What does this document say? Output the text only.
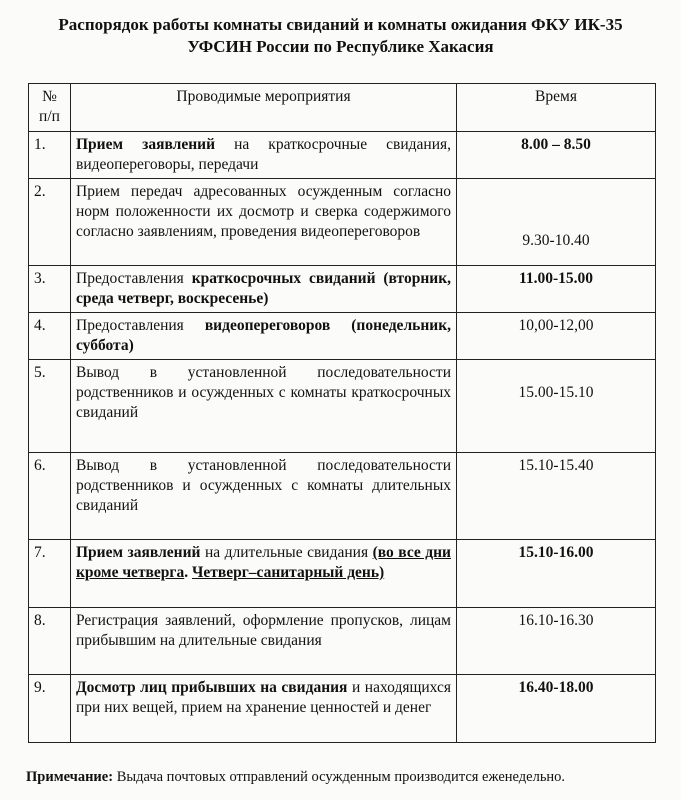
Распорядок работы комнаты свиданий и комнаты ожидания ФКУ ИК-35
УФСИН России по Республике Хакасия
№
п/п	Проводимые мероприятия	Время
1.	Прием заявлений на краткосрочные свидания, видеопереговоры, передачи	8.00 – 8.50
2.	Прием передач адресованных осужденным согласно норм положенности их досмотр и сверка содержимого согласно заявлениям, проведения видеопереговоров	9.30-10.40
3.	Предоставления краткосрочных свиданий (вторник, среда четверг, воскресенье)	11.00-15.00
4.	Предоставления видеопереговоров (понедельник, суббота)	10,00-12,00
5.	Вывод в установленной последовательности родственников и осужденных с комнаты краткосрочных свиданий	15.00-15.10
6.	Вывод в установленной последовательности родственников и осужденных с комнаты длительных свиданий	15.10-15.40
7.	Прием заявлений на длительные свидания (во все дни кроме четверга. Четверг–санитарный день)	15.10-16.00
8.	Регистрация заявлений, оформление пропусков, лицам прибывшим на длительные свидания	16.10-16.30
9.	Досмотр лиц прибывших на свидания и находящихся при них вещей, прием на хранение ценностей и денег	16.40-18.00
Примечание: Выдача почтовых отправлений осужденным производится еженедельно.
